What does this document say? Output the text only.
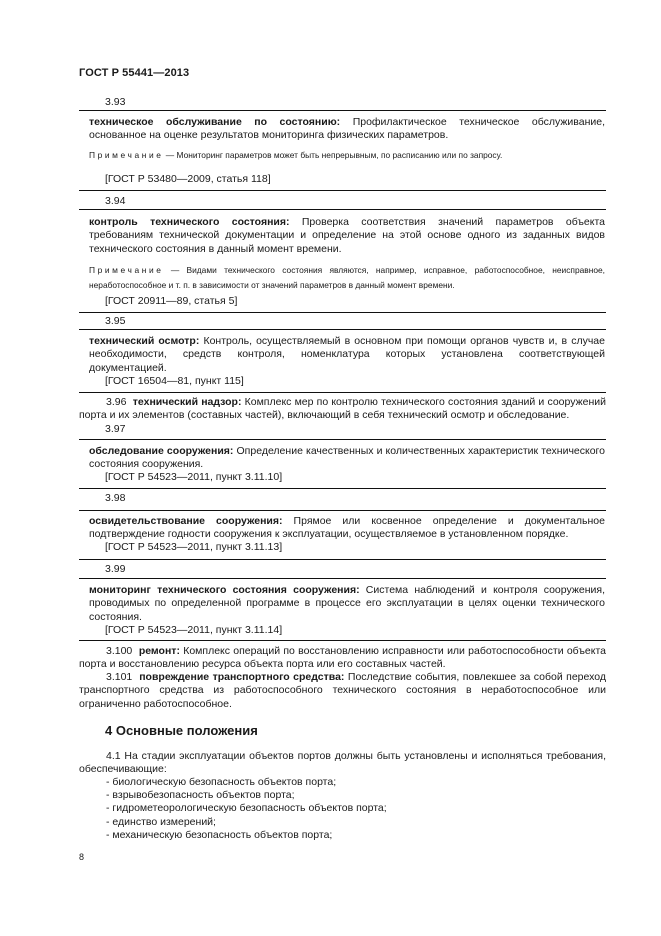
ГОСТ Р 55441—2013
3.93

техническое обслуживание по состоянию: Профилактическое техническое обслуживание, основанное на оценке результатов мониторинга физических параметров.

Примечание — Мониторинг параметров может быть непрерывным, по расписанию или по запросу.

[ГОСТ Р 53480—2009, статья 118]
3.94

контроль технического состояния: Проверка соответствия значений параметров объекта требованиям технической документации и определение на этой основе одного из заданных видов технического состояния в данный момент времени.

Примечание — Видами технического состояния являются, например, исправное, работоспособное, неисправное, неработоспособное и т. п. в зависимости от значений параметров в данный момент времени.

[ГОСТ 20911—89, статья 5]
3.95

технический осмотр: Контроль, осуществляемый в основном при помощи органов чувств и, в случае необходимости, средств контроля, номенклатура которых установлена соответствующей документацией.

[ГОСТ 16504—81, пункт 115]

3.96 технический надзор: Комплекс мер по контролю технического состояния зданий и сооружений порта и их элементов (составных частей), включающий в себя технический осмотр и обследование.

3.97

обследование сооружения: Определение качественных и количественных характеристик технического состояния сооружения.

[ГОСТ Р 54523—2011, пункт 3.11.10]
3.98

освидетельствование сооружения: Прямое или косвенное определение и документальное подтверждение годности сооружения к эксплуатации, осуществляемое в установленном порядке.

[ГОСТ Р 54523—2011, пункт 3.11.13]
3.99

мониторинг технического состояния сооружения: Система наблюдений и контроля сооружения, проводимых по определенной программе в процессе его эксплуатации в целях оценки технического состояния.

[ГОСТ Р 54523—2011, пункт 3.11.14]

3.100 ремонт: Комплекс операций по восстановлению исправности или работоспособности объекта порта и восстановлению ресурса объекта порта или его составных частей.

3.101 повреждение транспортного средства: Последствие события, повлекшее за собой переход транспортного средства из работоспособного технического состояния в неработоспособное или ограниченно работоспособное.

4 Основные положения

4.1 На стадии эксплуатации объектов портов должны быть установлены и исполняться требования, обеспечивающие:

- биологическую безопасность объектов порта;
- взрывобезопасность объектов порта;
- гидрометеорологическую безопасность объектов порта;
- единство измерений;
- механическую безопасность объектов порта;
8
